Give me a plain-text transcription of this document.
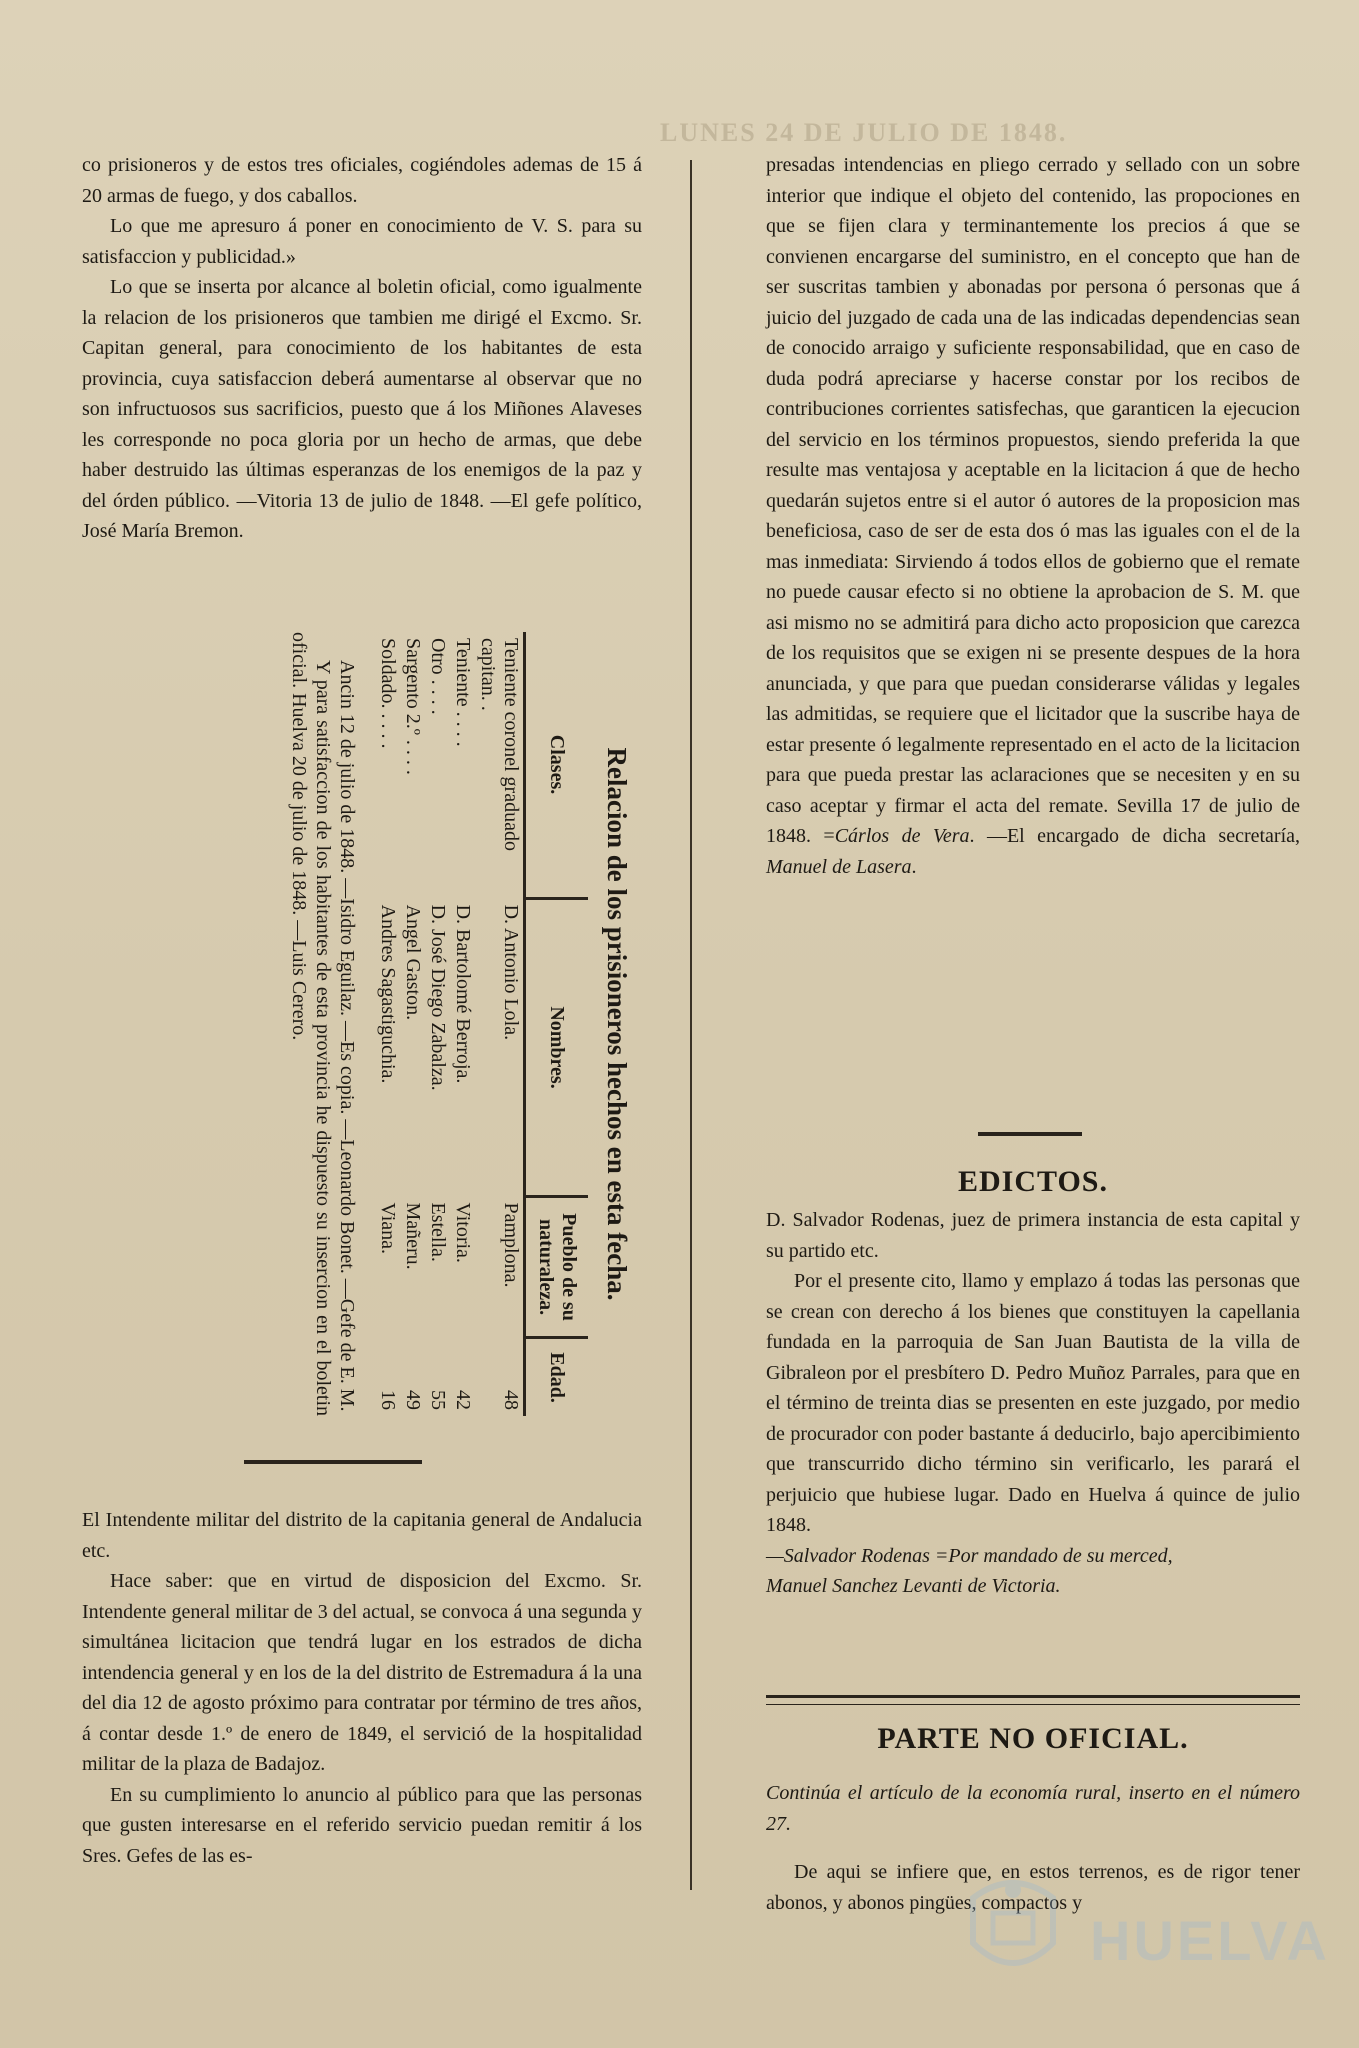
LUNES 24 DE JULIO DE 1848.

co prisioneros y de estos tres oficiales, cogiéndoles ademas de 15 á 20 armas de fuego, y dos caballos.

Lo que me apresuro á poner en conocimiento de V. S. para su satisfaccion y publicidad.»

Lo que se inserta por alcance al boletin oficial, como igualmente la relacion de los prisioneros que tambien me dirigé el Excmo. Sr. Capitan general, para conocimiento de los habitantes de esta provincia, cuya satisfaccion deberá aumentarse al observar que no son infructuosos sus sacrificios, puesto que á los Miñones Alaveses les corresponde no poca gloria por un hecho de armas, que debe haber destruido las últimas esperanzas de los enemigos de la paz y del órden público. —Vitoria 13 de julio de 1848. —El gefe político, José María Bremon.

Relacion de los prisioneros hechos en esta fecha.

Clases.	Nombres.	Pueblo de su naturaleza.	Edad.
Teniente coronel graduado capitan. .	D. Antonio Lola.	Pamplona.	48
Teniente . . . .	D. Bartolomé Berroja.	Vitoria.	42
Otro . . . .	D. José Diego Zabalza.	Estella.	55
Sargento 2.º . . . .	Angel Gaston.	Mañeru.	49
Soldado. . . . .	Andres Sagastiguchia.	Viana.	16

Ancin 12 de julio de 1848. —Isidro Eguilaz. —Es copia. —Leonardo Bonet. —Gefe de E. M.

Y para satisfaccion de los habitantes de esta provincia he dispuesto su insercion en el boletin oficial. Huelva 20 de julio de 1848. —Luis Cerero.

El Intendente militar del distrito de la capitania general de Andalucia etc.

Hace saber: que en virtud de disposicion del Excmo. Sr. Intendente general militar de 3 del actual, se convoca á una segunda y simultánea licitacion que tendrá lugar en los estrados de dicha intendencia general y en los de la del distrito de Estremadura á la una del dia 12 de agosto próximo para contratar por término de tres años, á contar desde 1.º de enero de 1849, el servició de la hospitalidad militar de la plaza de Badajoz.

En su cumplimiento lo anuncio al público para que las personas que gusten interesarse en el referido servicio puedan remitir á los Sres. Gefes de las es-

presadas intendencias en pliego cerrado y sellado con un sobre interior que indique el objeto del contenido, las propociones en que se fijen clara y terminantemente los precios á que se convienen encargarse del suministro, en el concepto que han de ser suscritas tambien y abonadas por persona ó personas que á juicio del juzgado de cada una de las indicadas dependencias sean de conocido arraigo y suficiente responsabilidad, que en caso de duda podrá apreciarse y hacerse constar por los recibos de contribuciones corrientes satisfechas, que garanticen la ejecucion del servicio en los términos propuestos, siendo preferida la que resulte mas ventajosa y aceptable en la licitacion á que de hecho quedarán sujetos entre si el autor ó autores de la proposicion mas beneficiosa, caso de ser de esta dos ó mas las iguales con el de la mas inmediata: Sirviendo á todos ellos de gobierno que el remate no puede causar efecto si no obtiene la aprobacion de S. M. que asi mismo no se admitirá para dicho acto proposicion que carezca de los requisitos que se exigen ni se presente despues de la hora anunciada, y que para que puedan considerarse válidas y legales las admitidas, se requiere que el licitador que la suscribe haya de estar presente ó legalmente representado en el acto de la licitacion para que pueda prestar las aclaraciones que se necesiten y en su caso aceptar y firmar el acta del remate. Sevilla 17 de julio de 1848. =Cárlos de Vera. —El encargado de dicha secretaría, Manuel de Lasera.

EDICTOS.

D. Salvador Rodenas, juez de primera instancia de esta capital y su partido etc.

Por el presente cito, llamo y emplazo á todas las personas que se crean con derecho á los bienes que constituyen la capellania fundada en la parroquia de San Juan Bautista de la villa de Gibraleon por el presbítero D. Pedro Muñoz Parrales, para que en el término de treinta dias se presenten en este juzgado, por medio de procurador con poder bastante á deducirlo, bajo apercibimiento que transcurrido dicho término sin verificarlo, les parará el perjuicio que hubiese lugar. Dado en Huelva á quince de julio 1848.

—Salvador Rodenas =Por mandado de su merced,

Manuel Sanchez Levanti de Victoria.

PARTE NO OFICIAL.

Continúa el artículo de la economía rural, inserto en el número 27.

De aqui se infiere que, en estos terrenos, es de rigor tener abonos, y abonos pingües, compactos y

HUELVA
